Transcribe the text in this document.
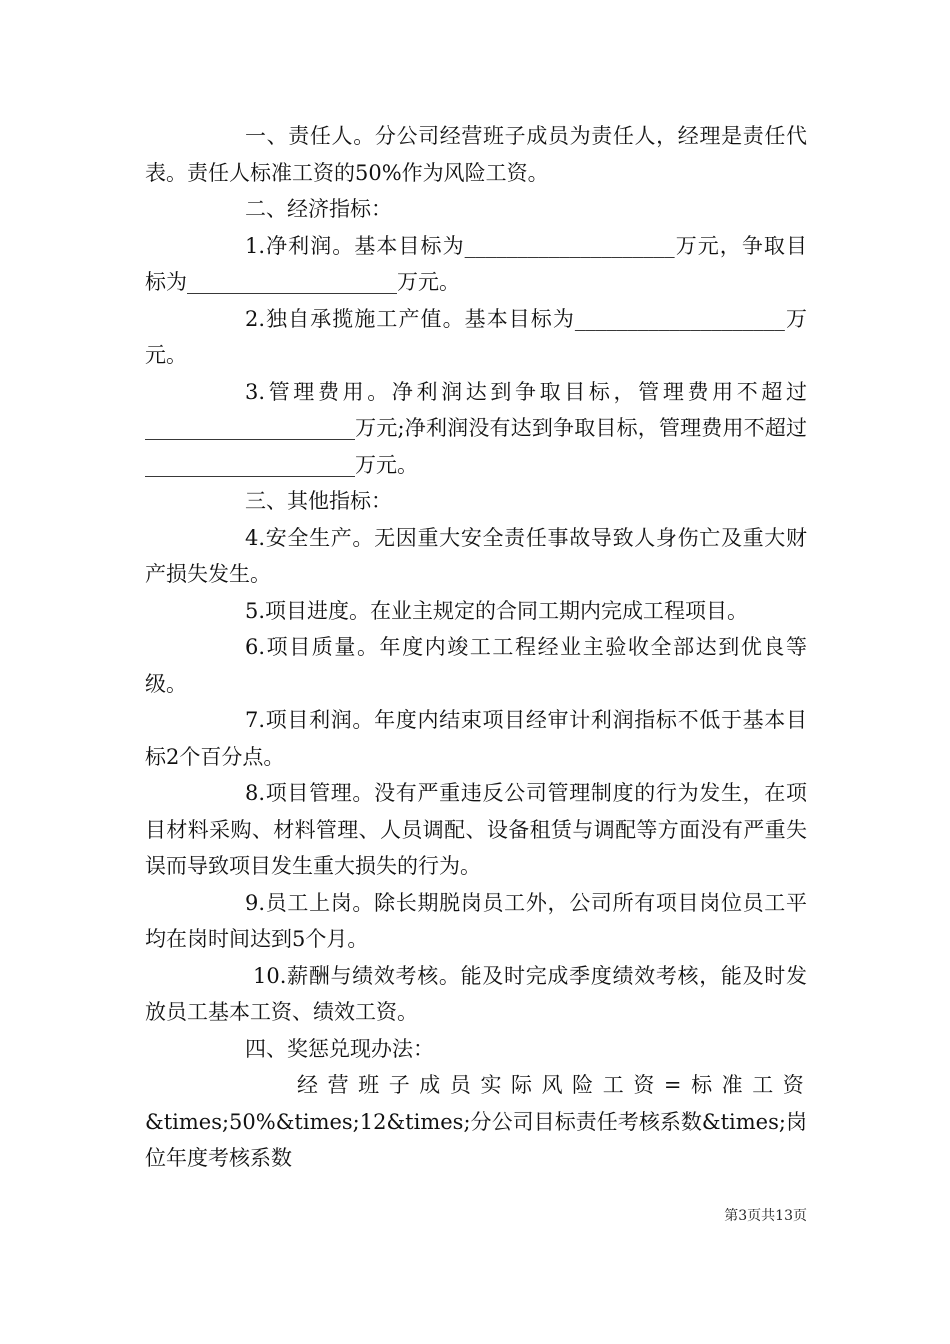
一、责任人。分公司经营班子成员为责任人，经理是责任代表。责任人标准工资的50%作为风险工资。

二、经济指标：

1.净利润。基本目标为____________________万元，争取目标为____________________万元。

2.独自承揽施工产值。基本目标为____________________万元。

3.管理费用。净利润达到争取目标，管理费用不超过____________________万元;净利润没有达到争取目标，管理费用不超过____________________万元。

三、其他指标：

4.安全生产。无因重大安全责任事故导致人身伤亡及重大财产损失发生。

5.项目进度。在业主规定的合同工期内完成工程项目。

6.项目质量。年度内竣工工程经业主验收全部达到优良等级。

7.项目利润。年度内结束项目经审计利润指标不低于基本目标2个百分点。

8.项目管理。没有严重违反公司管理制度的行为发生，在项目材料采购、材料管理、人员调配、设备租赁与调配等方面没有严重失误而导致项目发生重大损失的行为。

9.员工上岗。除长期脱岗员工外，公司所有项目岗位员工平均在岗时间达到5个月。

10.薪酬与绩效考核。能及时完成季度绩效考核，能及时发放员工基本工资、绩效工资。

四、奖惩兑现办法：

经营班子成员实际风险工资=标准工资&times;50%&times;12&times;分公司目标责任考核系数&times;岗位年度考核系数

第3页共13页
